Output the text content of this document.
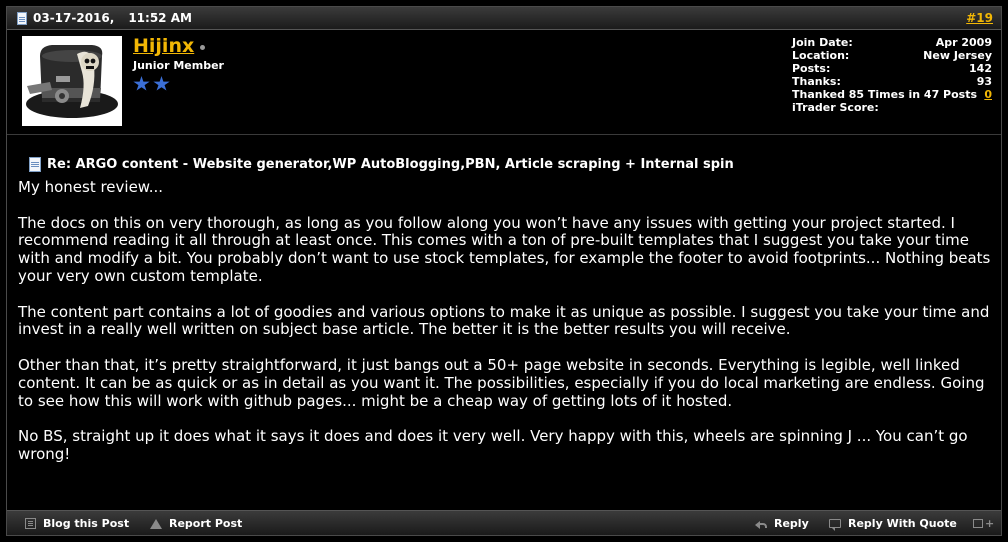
03-17-2016, 11:52 AM	#19
Hijinx
Junior Member
Join Date:	Apr 2009
Location:	New Jersey
Posts:	142
Thanks:	93
Thanked 85 Times in 47 Posts 0
iTrader Score:
Re: ARGO content - Website generator,WP AutoBlogging,PBN, Article scraping + Internal spin

My honest review...

The docs on this on very thorough, as long as you follow along you won’t have any issues with getting your project started. I recommend reading it all through at least once. This comes with a ton of pre-built templates that I suggest you take your time with and modify a bit. You probably don’t want to use stock templates, for example the footer to avoid footprints... Nothing beats your very own custom template.

The content part contains a lot of goodies and various options to make it as unique as possible. I suggest you take your time and invest in a really well written on subject base article. The better it is the better results you will receive.

Other than that, it’s pretty straightforward, it just bangs out a 50+ page website in seconds. Everything is legible, well linked content. It can be as quick or as in detail as you want it. The possibilities, especially if you do local marketing are endless. Going to see how this will work with github pages... might be a cheap way of getting lots of it hosted.

No BS, straight up it does what it says it does and does it very well. Very happy with this, wheels are spinning J ... You can’t go wrong!

Blog this Post	Report Post	Reply	Reply With Quote	+
